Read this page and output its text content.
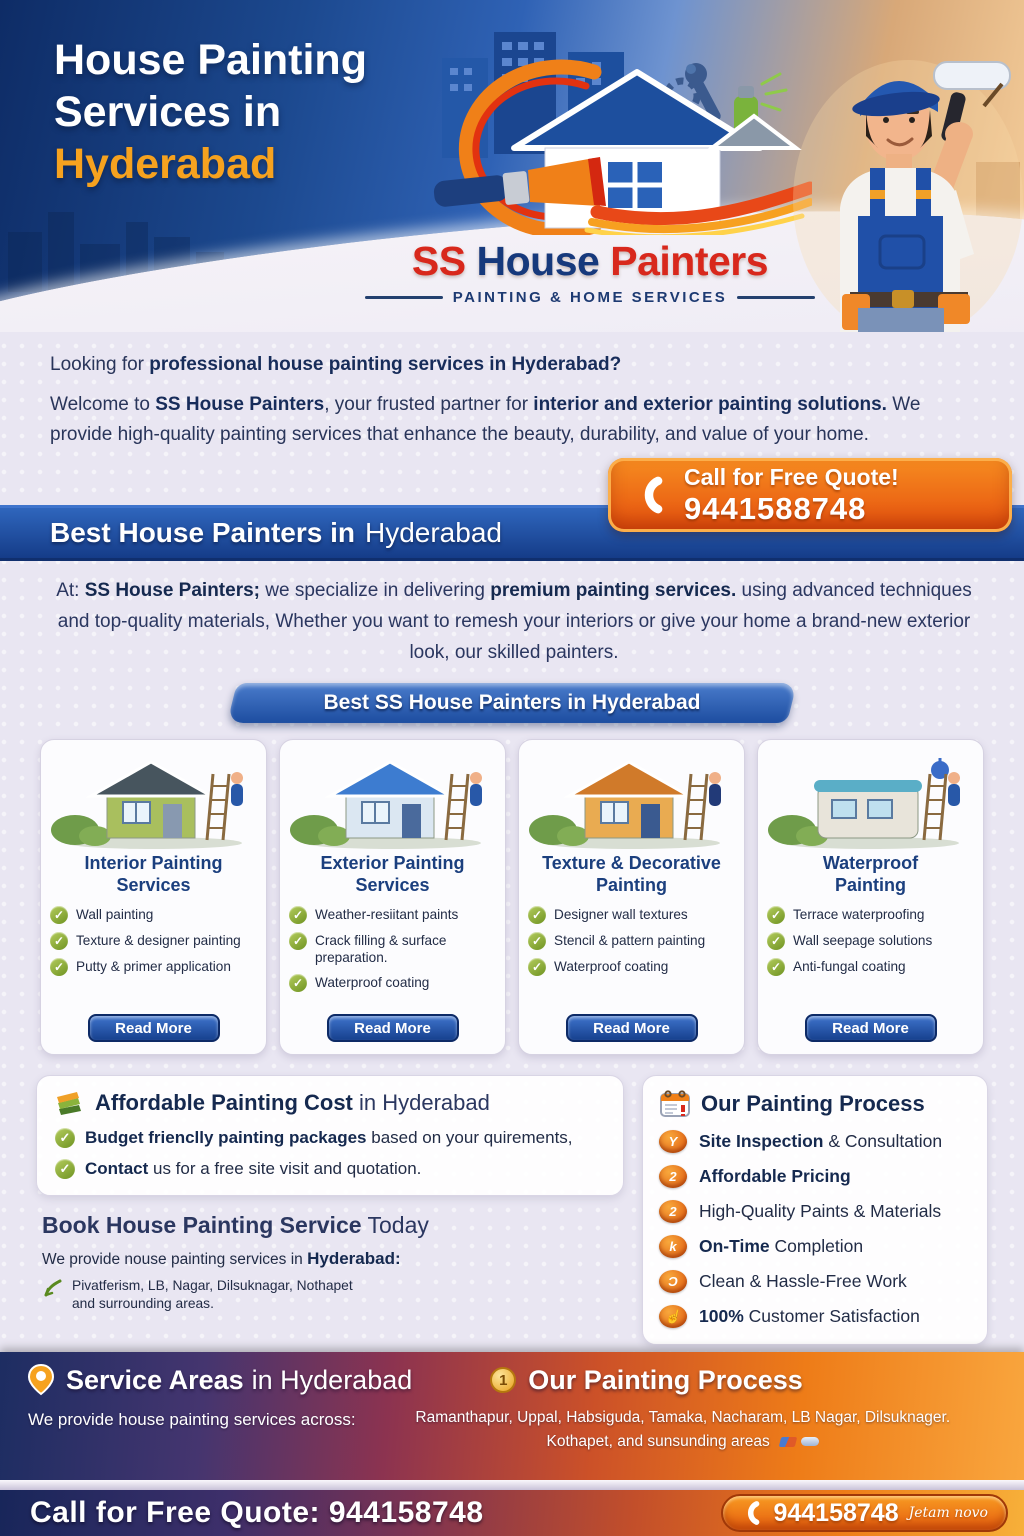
House Painting
Services in
Hyderabad
SS House Painters
PAINTING & HOME SERVICES

Looking for professional house painting services in Hyderabad?

Welcome to SS House Painters, your frusted partner for interior and exterior painting solutions. We provide high-quality painting services that enhance the beauty, durability, and value of your home.

Call for Free Quote!
9441588748
Best House Painters in Hyderabad

At: SS House Painters; we specialize in delivering premium painting services. using advanced techniques and top-quality materials, Whether you want to remesh your interiors or give your home a brand-new exterior look, our skilled painters.

Best SS House Painters in Hyderabad
Interior Painting
Services
✓ Wall painting
✓ Texture & designer painting
✓ Putty & primer application
Read More
Exterior Painting
Services
✓ Weather-resiitant paints
✓ Crack filling & surface preparation.
✓ Waterproof coating
Read More
Texture & Decorative
Painting
✓ Designer wall textures
✓ Stencil & pattern painting
✓ Waterproof coating
Read More
Waterproof
Painting
✓ Terrace waterproofing
✓ Wall seepage solutions
✓ Anti-fungal coating
Read More
Affordable Painting Cost in Hyderabad
✓ Budget frienclly painting packages based on your quirements,
✓ Contact us for a free site visit and quotation.
Book House Painting Service Today

We provide nouse painting services in Hyderabad:

Pivatferism, LB, Nagar, Dilsuknagar, Nothapet
and surrounding areas.
Our Painting Process
Y	Site Inspection & Consultation
2	Affordable Pricing
2	High-Quality Paints & Materials
k	On-Time Completion
Ɔ	Clean & Hassle-Free Work
☝	100% Customer Satisfaction
Service Areas in Hyderabad	1 Our Painting Process
We provide house painting services across:	Ramanthapur, Uppal, Habsiguda, Tamaka, Nacharam, LB Nagar, Dilsuknager.
Kothapet, and sunsunding areas
Call for Free Quote: 944158748	944158748 Jetam novo
